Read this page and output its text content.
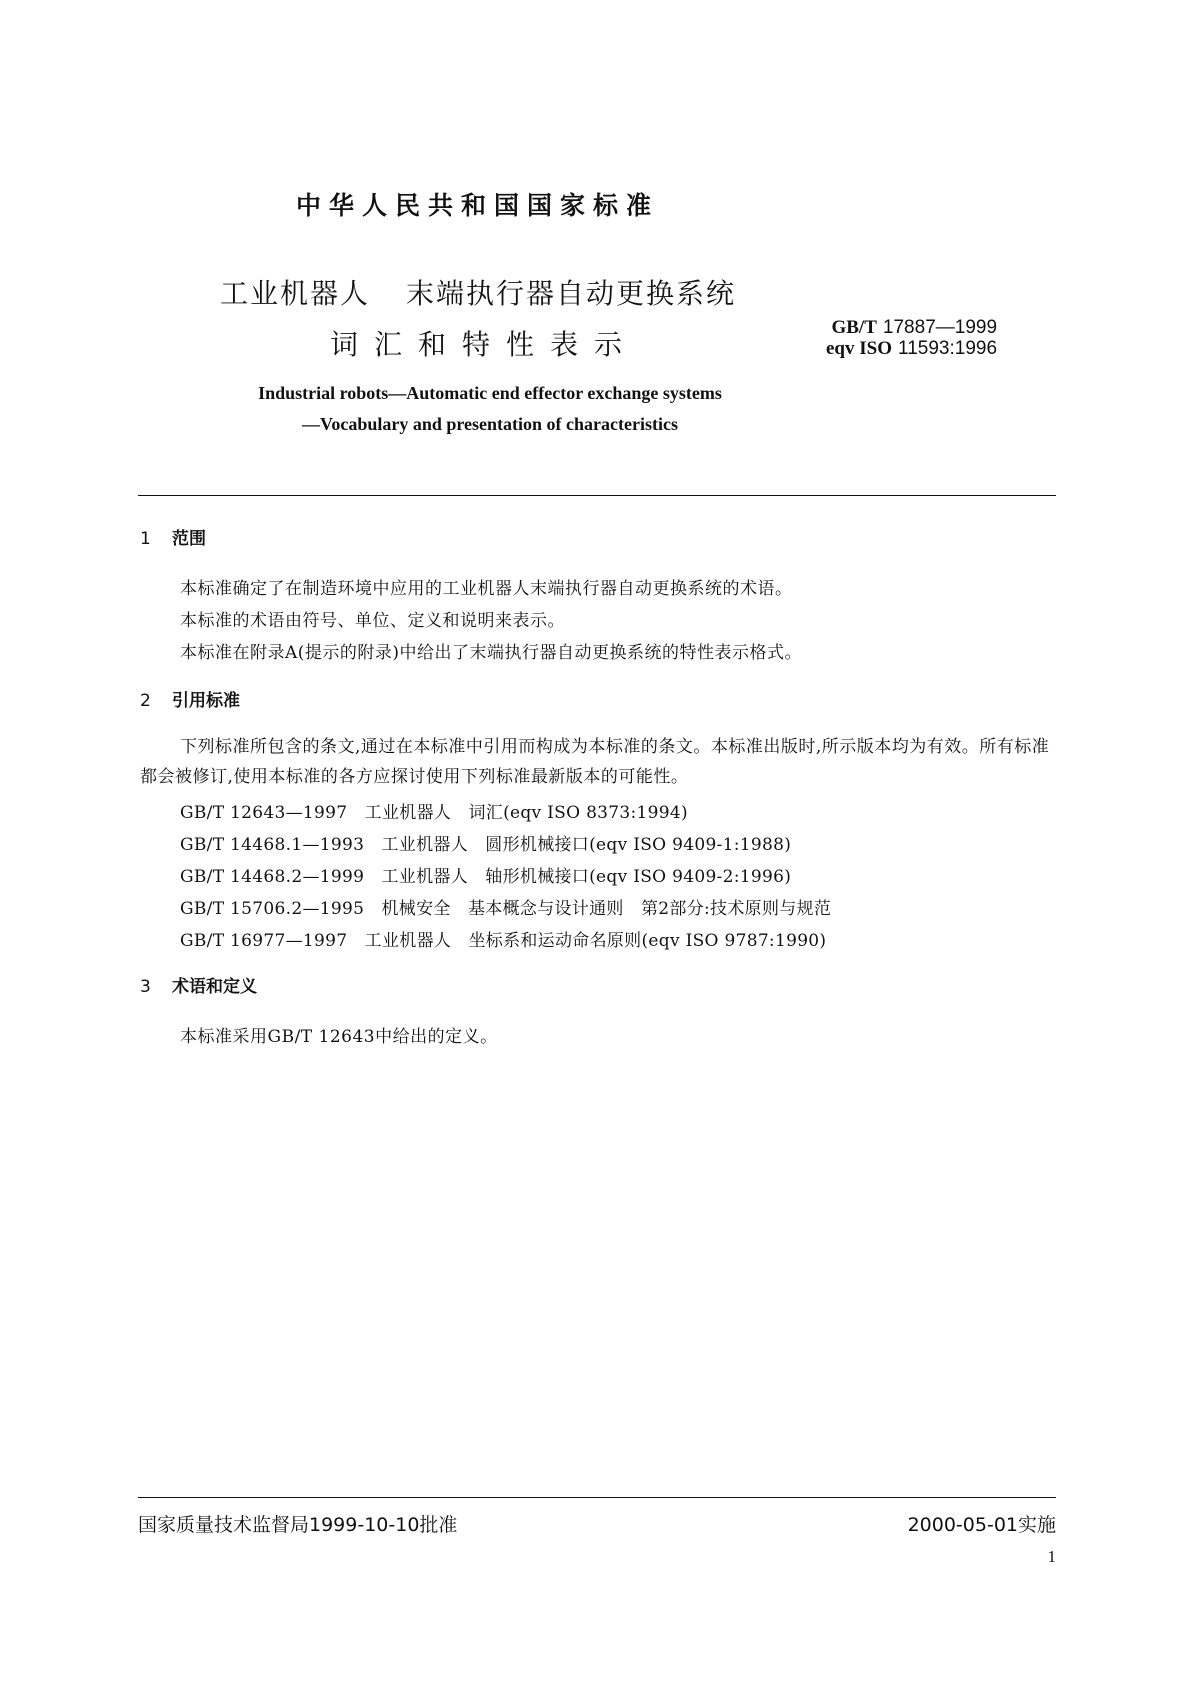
中华人民共和国国家标准
工业机器人 末端执行器自动更换系统
词汇和特性表示
GB/T 17887—1999
eqv ISO 11593:1996
Industrial robots—Automatic end effector exchange systems
—Vocabulary and presentation of characteristics
1 范围
本标准确定了在制造环境中应用的工业机器人末端执行器自动更换系统的术语。
本标准的术语由符号、单位、定义和说明来表示。
本标准在附录A(提示的附录)中给出了末端执行器自动更换系统的特性表示格式。
2 引用标准
下列标准所包含的条文,通过在本标准中引用而构成为本标准的条文。本标准出版时,所示版本均为有效。所有标准都会被修订,使用本标准的各方应探讨使用下列标准最新版本的可能性。
GB/T 12643—1997　工业机器人　词汇(eqv ISO 8373:1994)
GB/T 14468.1—1993　工业机器人　圆形机械接口(eqv ISO 9409-1:1988)
GB/T 14468.2—1999　工业机器人　轴形机械接口(eqv ISO 9409-2:1996)
GB/T 15706.2—1995　机械安全　基本概念与设计通则　第2部分:技术原则与规范
GB/T 16977—1997　工业机器人　坐标系和运动命名原则(eqv ISO 9787:1990)
3 术语和定义
本标准采用GB/T 12643中给出的定义。
国家质量技术监督局1999-10-10批准	2000-05-01实施
1
